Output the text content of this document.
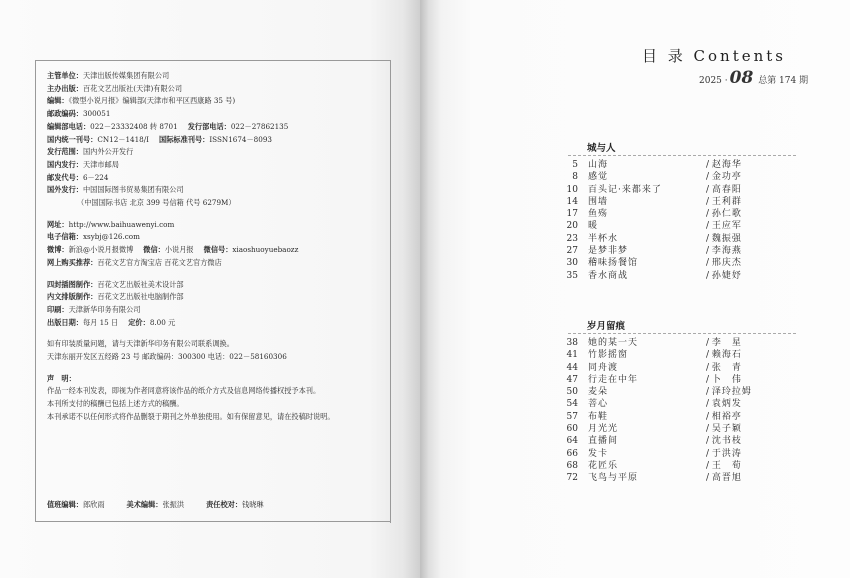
主管单位：天津出版传媒集团有限公司
主办出版：百花文艺出版社(天津)有限公司
编辑：《微型小说月报》编辑部(天津市和平区西康路 35 号)
邮政编码：300051
编辑部电话：022－23332408 转 8701 发行部电话：022－27862135
国内统一刊号：CN12－1418/I 国际标准刊号：ISSN1674－8093
发行范围：国内外公开发行
国内发行：天津市邮局
邮发代号：6－224
国外发行：中国国际图书贸易集团有限公司
（中国国际书店 北京 399 号信箱 代号 6279M）
网址：http://www.baihuawenyi.com
电子信箱：xsybj@126.com
微博：新浪@小说月报微博 微信：小说月报 微信号：xiaoshuoyuebaozz
网上购买推荐：百花文艺官方淘宝店 百花文艺官方微店
四封插图制作：百花文艺出版社美术设计部
内文排版制作：百花文艺出版社电脑制作部
印刷：天津新华印务有限公司
出版日期：每月 15 日 定价：8.00 元
如有印装质量问题，请与天津新华印务有限公司联系调换。
天津东丽开发区五经路 23 号 邮政编码：300300 电话：022－58160306
声　明：
作品一经本刊发表，即视为作者同意将该作品的纸介方式及信息网络传播权授予本刊。
本刊所支付的稿酬已包括上述方式的稿酬。
本刊承诺不以任何形式将作品删裂于期刊之外单独使用。如有保留意见，请在投稿时说明。
值班编辑：郎欣雨	美术编辑：张振洪	责任校对：钱晓琳
目 录 Contents
2025 · 08 总第 174 期
城与人
5 山海	/ 赵海华
8 感觉	/ 金功亭
10 百头记·来都来了	/ 高春阳
14 围墙	/ 王利群
17 鱼殇	/ 孙仁歌
20 暖	/ 王应军
23 半杯水	/ 魏振强
27 是梦非梦	/ 李海燕
30 稽味扬餐馆	/ 邢庆杰
35 香水商战	/ 孙婕妤
岁月留痕
38 她的某一天	/ 李　星
41 竹影摇窗	/ 赖海石
44 同舟渡	/ 张　青
47 行走在中年	/ 卜　伟
50 麦朵	/ 泽玲拉姆
54 菩心	/ 袁炳发
57 布鞋	/ 相裕亭
60 月光光	/ 吴子颖
64 直播间	/ 沈书枝
66 发卡	/ 于洪涛
68 花匠乐	/ 王　荀
72 飞鸟与平原	/ 高晋旭
